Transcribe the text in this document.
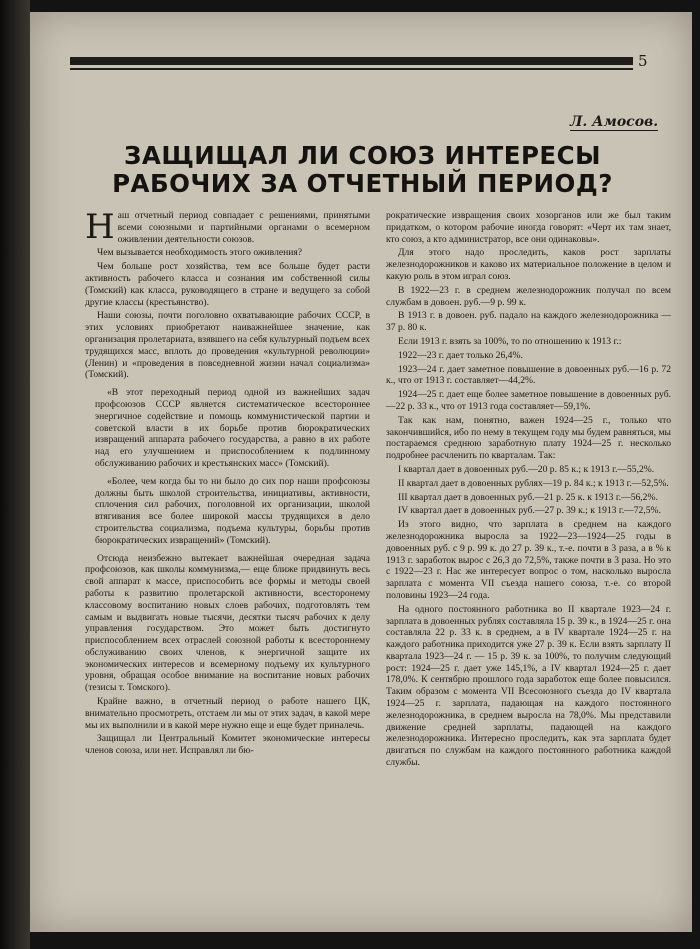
5
Л. Амосов.
ЗАЩИЩАЛ ЛИ СОЮЗ ИНТЕРЕСЫ РАБОЧИХ ЗА ОТЧЕТНЫЙ ПЕРИОД?

Наш отчетный период совпадает с решениями, принятыми всеми союзными и партийными органами о всемерном оживлении деятельности союзов.

Чем вызывается необходимость этого оживления?

Чем больше рост хозяйства, тем все больше будет расти активность рабочего класса и сознания им собственной силы (Томский) как класса, руководящего в стране и ведущего за собой другие классы (крестьянство).

Наши союзы, почти поголовно охватывающие рабочих СССР, в этих условиях приобретают наиважнейшее значение, как организация пролетариата, взявшего на себя культурный подъем всех трудящихся масс, вплоть до проведения «культурной революции» (Ленин) и «проведения в повседневной жизни начал социализма» (Томский).

«В этот переходный период одной из важнейших задач профсоюзов СССР является систематическое всестороннее энергичное содействие и помощь коммунистической партии и советской власти в их борьбе против бюрократических извращений аппарата рабочего государства, а равно в их работе над его улучшением и приспособлением к подлинному обслуживанию рабочих и крестьянских масс» (Томский).

«Более, чем когда бы то ни было до сих пор наши профсоюзы должны быть школой строительства, инициативы, активности, сплочения сил рабочих, поголовной их организации, школой втягивания все более широкой массы трудящихся в дело строительства социализма, подъема культуры, борьбы против бюрократических извращений» (Томский).

Отсюда неизбежно вытекает важнейшая очередная задача профсоюзов, как школы коммунизма,— еще ближе придвинуть весь свой аппарат к массе, приспособить все формы и методы своей работы к развитию пролетарской активности, всесторонему классовому воспитанию новых слоев рабочих, подготовлять тем самым и выдвигать новые тысячи, десятки тысяч рабочих к делу управления государством. Это может быть достигнуто приспособлением всех отраслей союзной работы к всестороннему обслуживанию своих членов, к энергичной защите их экономических интересов и всемерному подъему их культурного уровня, обращая особое внимание на воспитание новых рабочих (тезисы т. Томского).

Крайне важно, в отчетный период о работе нашего ЦК, внимательно просмотреть, отстаем ли мы от этих задач, в какой мере мы их выполнили и в какой мере нужно еще и еще будет приналечь.

Защищал ли Центральный Комитет экономические интересы членов союза, или нет. Исправлял ли бю-

рократические извращения своих хозорганов или же был таким придатком, о котором рабочие иногда говорят: «Черт их там знает, кто союз, а кто администратор, все они одинаковы».

Для этого надо проследить, каков рост зарплаты железнодорожников и каково их материальное положение в целом и какую роль в этом играл союз.

В 1922—23 г. в среднем железнодорожник получал по всем службам в довоен. руб.—9 р. 99 к.

В 1913 г. в довоен. руб. падало на каждого железнодорожника — 37 р. 80 к.

Если 1913 г. взять за 100%, то по отношению к 1913 г.:

1922—23 г. дает только 26,4%.

1923—24 г. дает заметное повышение в довоенных руб.—16 р. 72 к., что от 1913 г. составляет—44,2%.

1924—25 г. дает еще более заметное повышение в довоенных руб.—22 р. 33 к., что от 1913 года составляет—59,1%.

Так как нам, понятно, важен 1924—25 г., только что закончившийся, ибо по нему в текущем году мы будем равняться, мы постараемся среднюю заработную плату 1924—25 г. несколько подробнее расчленить по кварталам. Так:

I квартал дает в довоенных руб.—20 р. 85 к.; к 1913 г.—55,2%.

II квартал дает в довоенных рублях—19 р. 84 к.; к 1913 г.—52,5%.

III квартал дает в довоенных руб.—21 р. 25 к. к 1913 г.—56,2%.

IV квартал дает в довоенных руб.—27 р. 39 к.; к 1913 г.—72,5%.

Из этого видно, что зарплата в среднем на каждого железнодорожника выросла за 1922—23—1924—25 годы в довоенных руб. с 9 р. 99 к. до 27 р. 39 к., т.-е. почти в 3 раза, а в % к 1913 г. заработок вырос с 26,3 до 72,5%, также почти в 3 раза. Но это с 1922—23 г. Нас же интересует вопрос о том, насколько выросла зарплата с момента VII съезда нашего союза, т.-е. со второй половины 1923—24 года.

На одного постоянного работника во II квартале 1923—24 г. зарплата в довоенных рублях составляла 15 р. 39 к., в 1924—25 г. она составляла 22 р. 33 к. в среднем, а в IV квартале 1924—25 г. на каждого работника приходится уже 27 р. 39 к. Если взять зарплату II квартала 1923—24 г. — 15 р. 39 к. за 100%, то получим следующий рост: 1924—25 г. дает уже 145,1%, а IV квартал 1924—25 г. дает 178,0%. К сентябрю прошлого года заработок еще более повысился. Таким образом с момента VII Всесоюзного съезда до IV квартала 1924—25 г. зарплата, падающая на каждого постоянного железнодорожника, в среднем выросла на 78,0%. Мы представили движение средней зарплаты, падающей на каждого железнодорожника. Интересно проследить, как эта зарплата будет двигаться по службам на каждого постоянного работника каждой службы.
